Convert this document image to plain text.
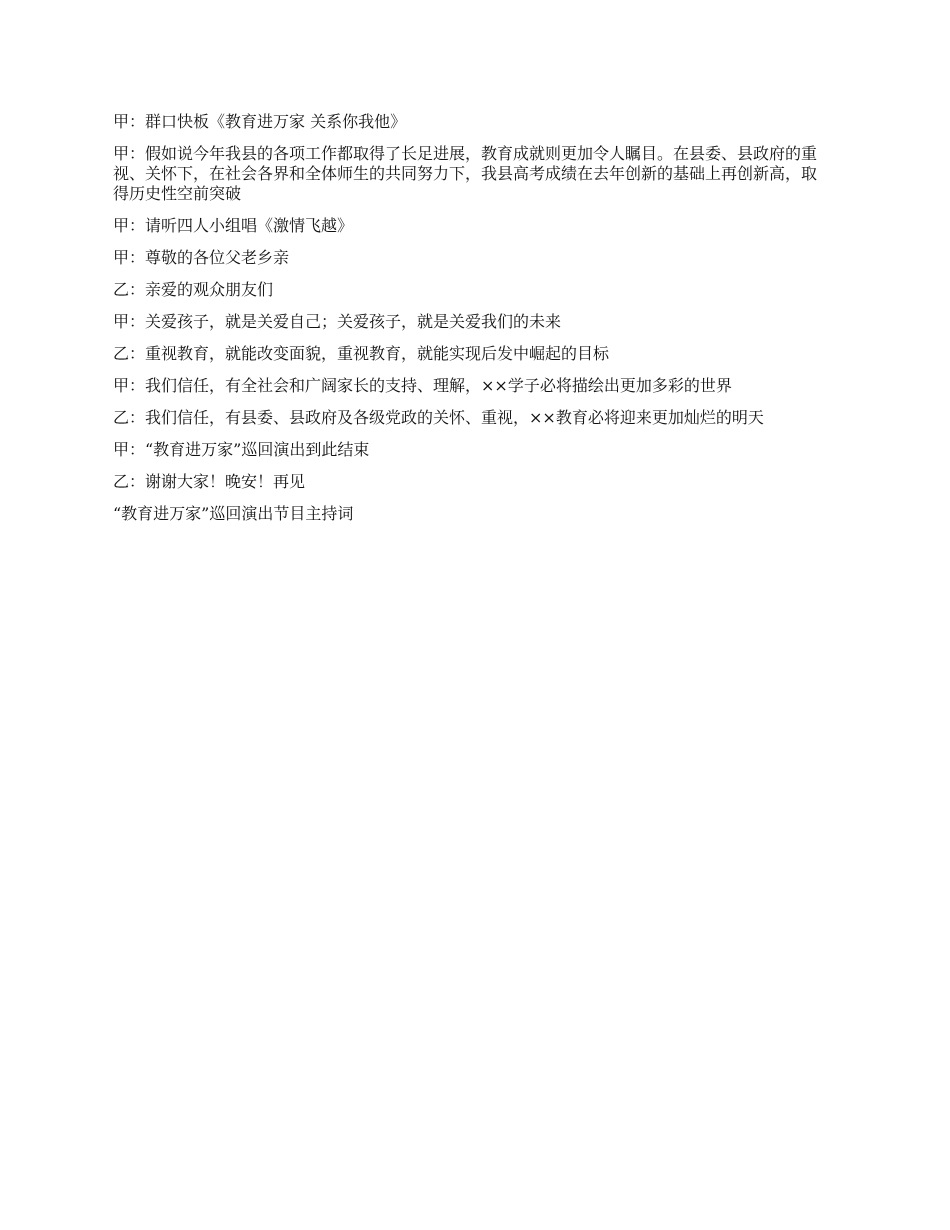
甲：群口快板《教育进万家 关系你我他》

甲：假如说今年我县的各项工作都取得了长足进展，教育成就则更加令人瞩目。在县委、县政府的重视、关怀下，在社会各界和全体师生的共同努力下，我县高考成绩在去年创新的基础上再创新高，取得历史性空前突破

甲：请听四人小组唱《激情飞越》

甲：尊敬的各位父老乡亲

乙：亲爱的观众朋友们

甲：关爱孩子，就是关爱自己；关爱孩子，就是关爱我们的未来

乙：重视教育，就能改变面貌，重视教育，就能实现后发中崛起的目标

甲：我们信任，有全社会和广阔家长的支持、理解，××学子必将描绘出更加多彩的世界

乙：我们信任，有县委、县政府及各级党政的关怀、重视，××教育必将迎来更加灿烂的明天

甲：“教育进万家”巡回演出到此结束

乙：谢谢大家！晚安！再见

“教育进万家”巡回演出节目主持词
